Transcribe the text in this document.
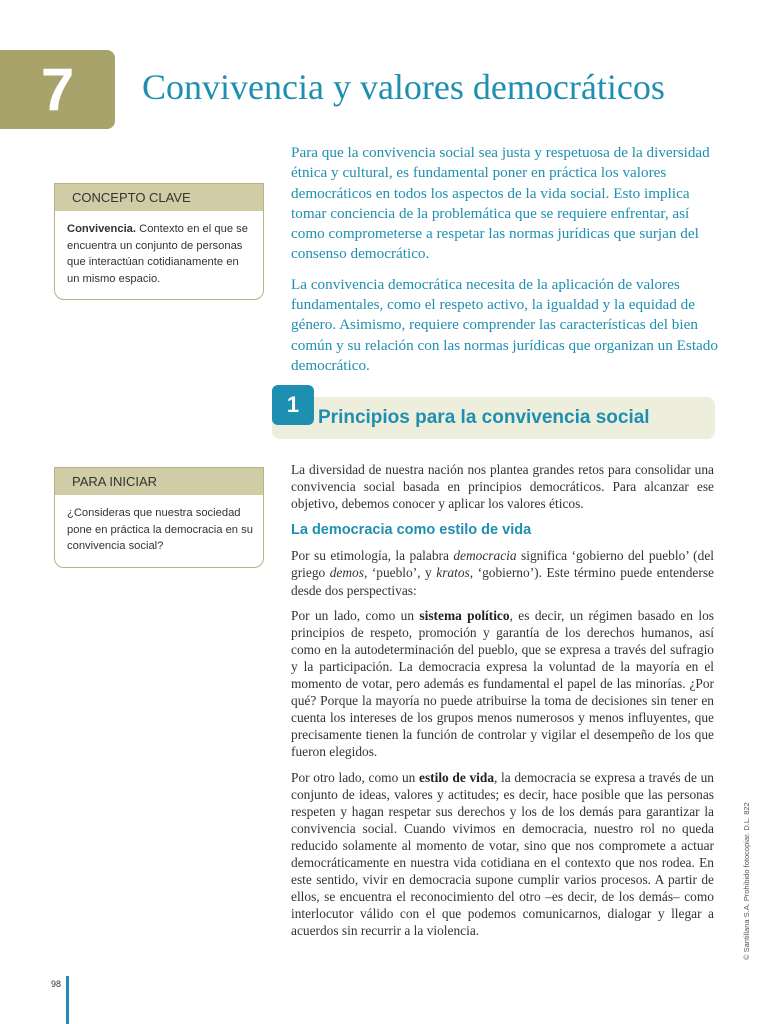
7 Convivencia y valores democráticos

Para que la convivencia social sea justa y respetuosa de la diversidad étnica y cultural, es fundamental poner en práctica los valores democráticos en todos los aspectos de la vida social. Esto implica tomar conciencia de la problemática que se requiere enfrentar, así como comprometerse a respetar las normas jurídicas que surjan del consenso democrático.

La convivencia democrática necesita de la aplicación de valores fundamentales, como el respeto activo, la igualdad y la equidad de género. Asimismo, requiere comprender las características del bien común y su relación con las normas jurídicas que organizan un Estado democrático.

CONCEPTO CLAVE
Convivencia. Contexto en el que se encuentra un conjunto de personas que interactúan cotidianamente en un mismo espacio.
PARA INICIAR
¿Consideras que nuestra sociedad pone en práctica la democracia en su convivencia social?
1
Principios para la convivencia social

La diversidad de nuestra nación nos plantea grandes retos para consolidar una convivencia social basada en principios democráticos. Para alcanzar ese objetivo, debemos conocer y aplicar los valores éticos.

La democracia como estilo de vida

Por su etimología, la palabra democracia significa ‘gobierno del pueblo’ (del griego demos, ‘pueblo’, y kratos, ‘gobierno’). Este término puede entenderse desde dos perspectivas:

Por un lado, como un sistema político, es decir, un régimen basado en los principios de respeto, promoción y garantía de los derechos humanos, así como en la autodeterminación del pueblo, que se expresa a través del sufragio y la participación. La democracia expresa la voluntad de la mayoría en el momento de votar, pero además es fundamental el papel de las minorías. ¿Por qué? Porque la mayoría no puede atribuirse la toma de decisiones sin tener en cuenta los intereses de los grupos menos numerosos y menos influyentes, que precisamente tienen la función de controlar y vigilar el desempeño de los que fueron elegidos.

Por otro lado, como un estilo de vida, la democracia se expresa a través de un conjunto de ideas, valores y actitudes; es decir, hace posible que las personas respeten y hagan respetar sus derechos y los de los demás para garantizar la convivencia social. Cuando vivimos en democracia, nuestro rol no queda reducido solamente al momento de votar, sino que nos compromete a actuar democráticamente en nuestra vida cotidiana en el contexto que nos rodea. En este sentido, vivir en democracia supone cumplir varios procesos. A partir de ellos, se encuentra el reconocimiento del otro –es decir, de los demás– como interlocutor válido con el que podemos comunicarnos, dialogar y llegar a acuerdos sin recurrir a la violencia.	© Santillana S.A. Prohibido fotocopiar. D.L. 822
98
